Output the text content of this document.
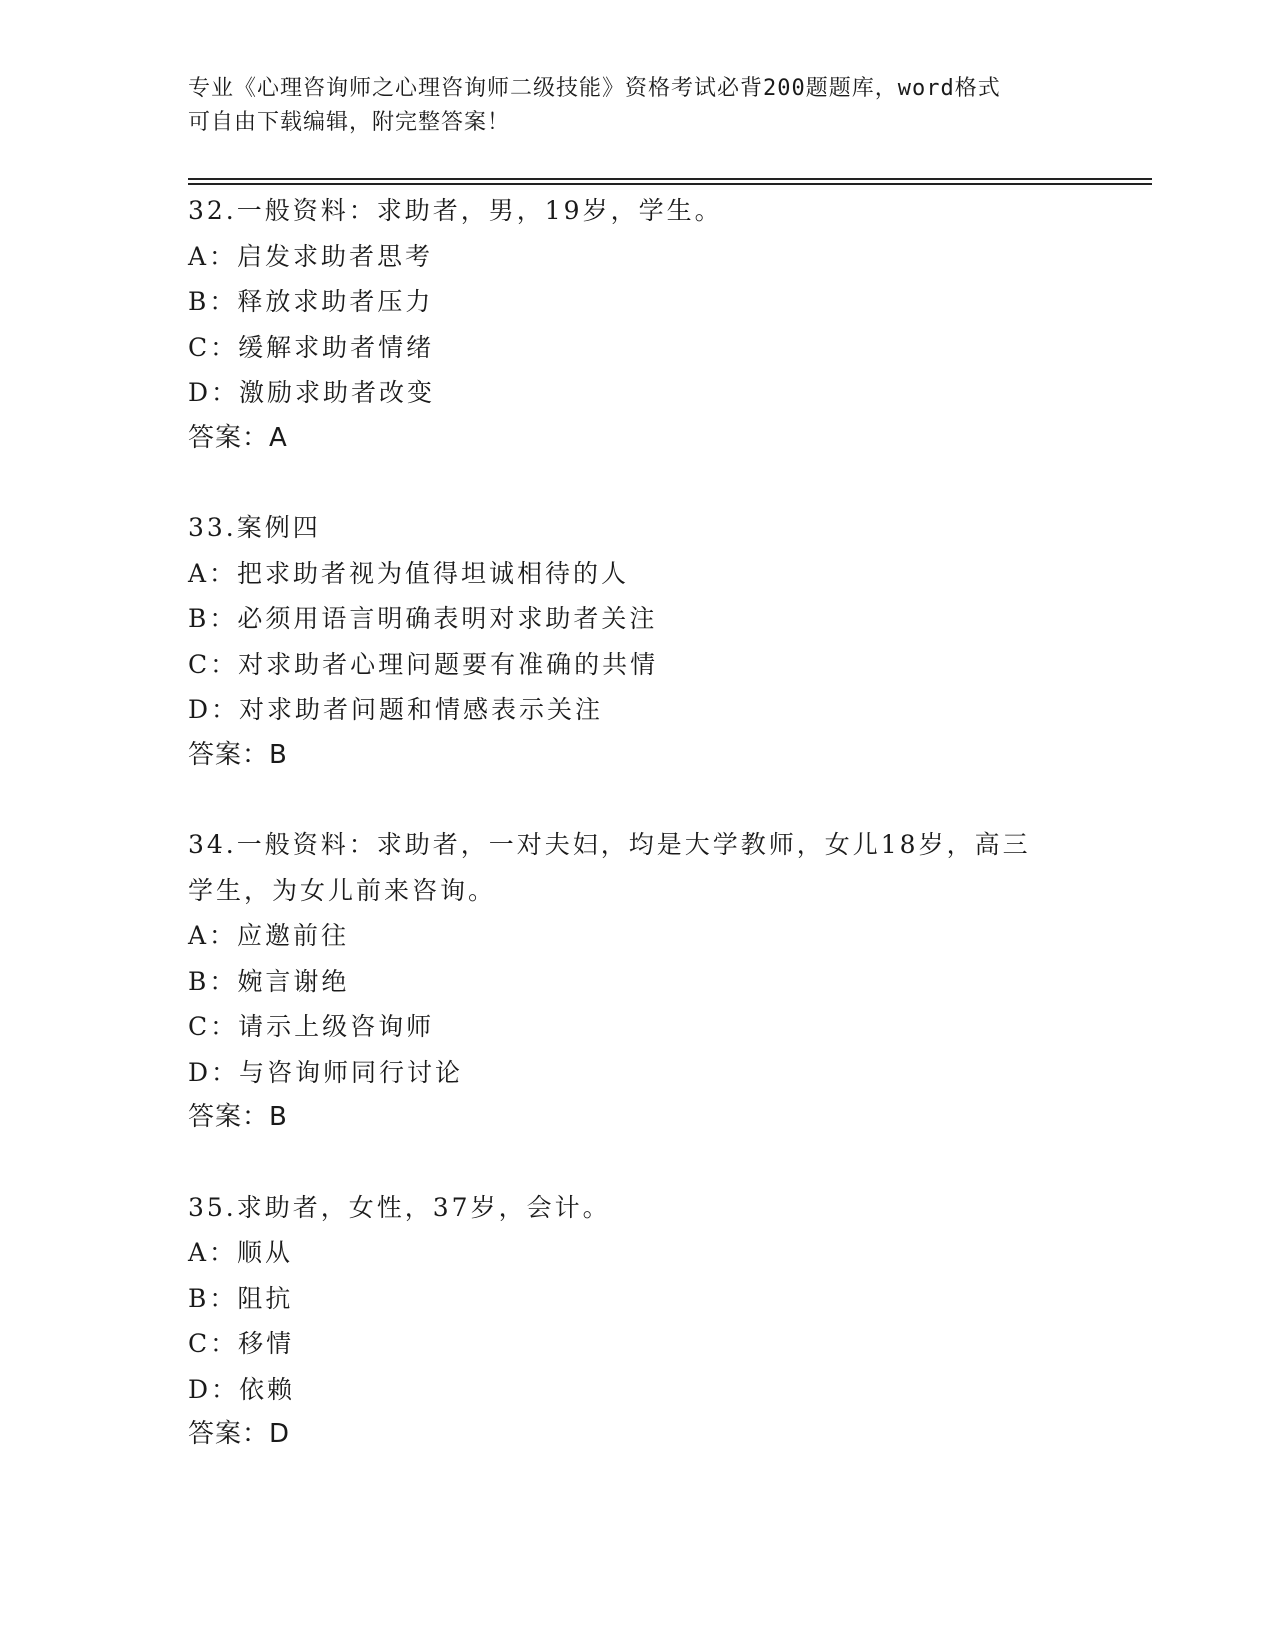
专业《心理咨询师之心理咨询师二级技能》资格考试必背200题题库，word格式
可自由下载编辑，附完整答案！
32.一般资料：求助者，男，19岁，学生。
A：启发求助者思考
B：释放求助者压力
C：缓解求助者情绪
D：激励求助者改变
答案：A
33.案例四
A：把求助者视为值得坦诚相待的人
B：必须用语言明确表明对求助者关注
C：对求助者心理问题要有准确的共情
D：对求助者问题和情感表示关注
答案：B
34.一般资料：求助者，一对夫妇，均是大学教师，女儿18岁，高三
学生，为女儿前来咨询。
A：应邀前往
B：婉言谢绝
C：请示上级咨询师
D：与咨询师同行讨论
答案：B
35.求助者，女性，37岁，会计。
A：顺从
B：阻抗
C：移情
D：依赖
答案：D
